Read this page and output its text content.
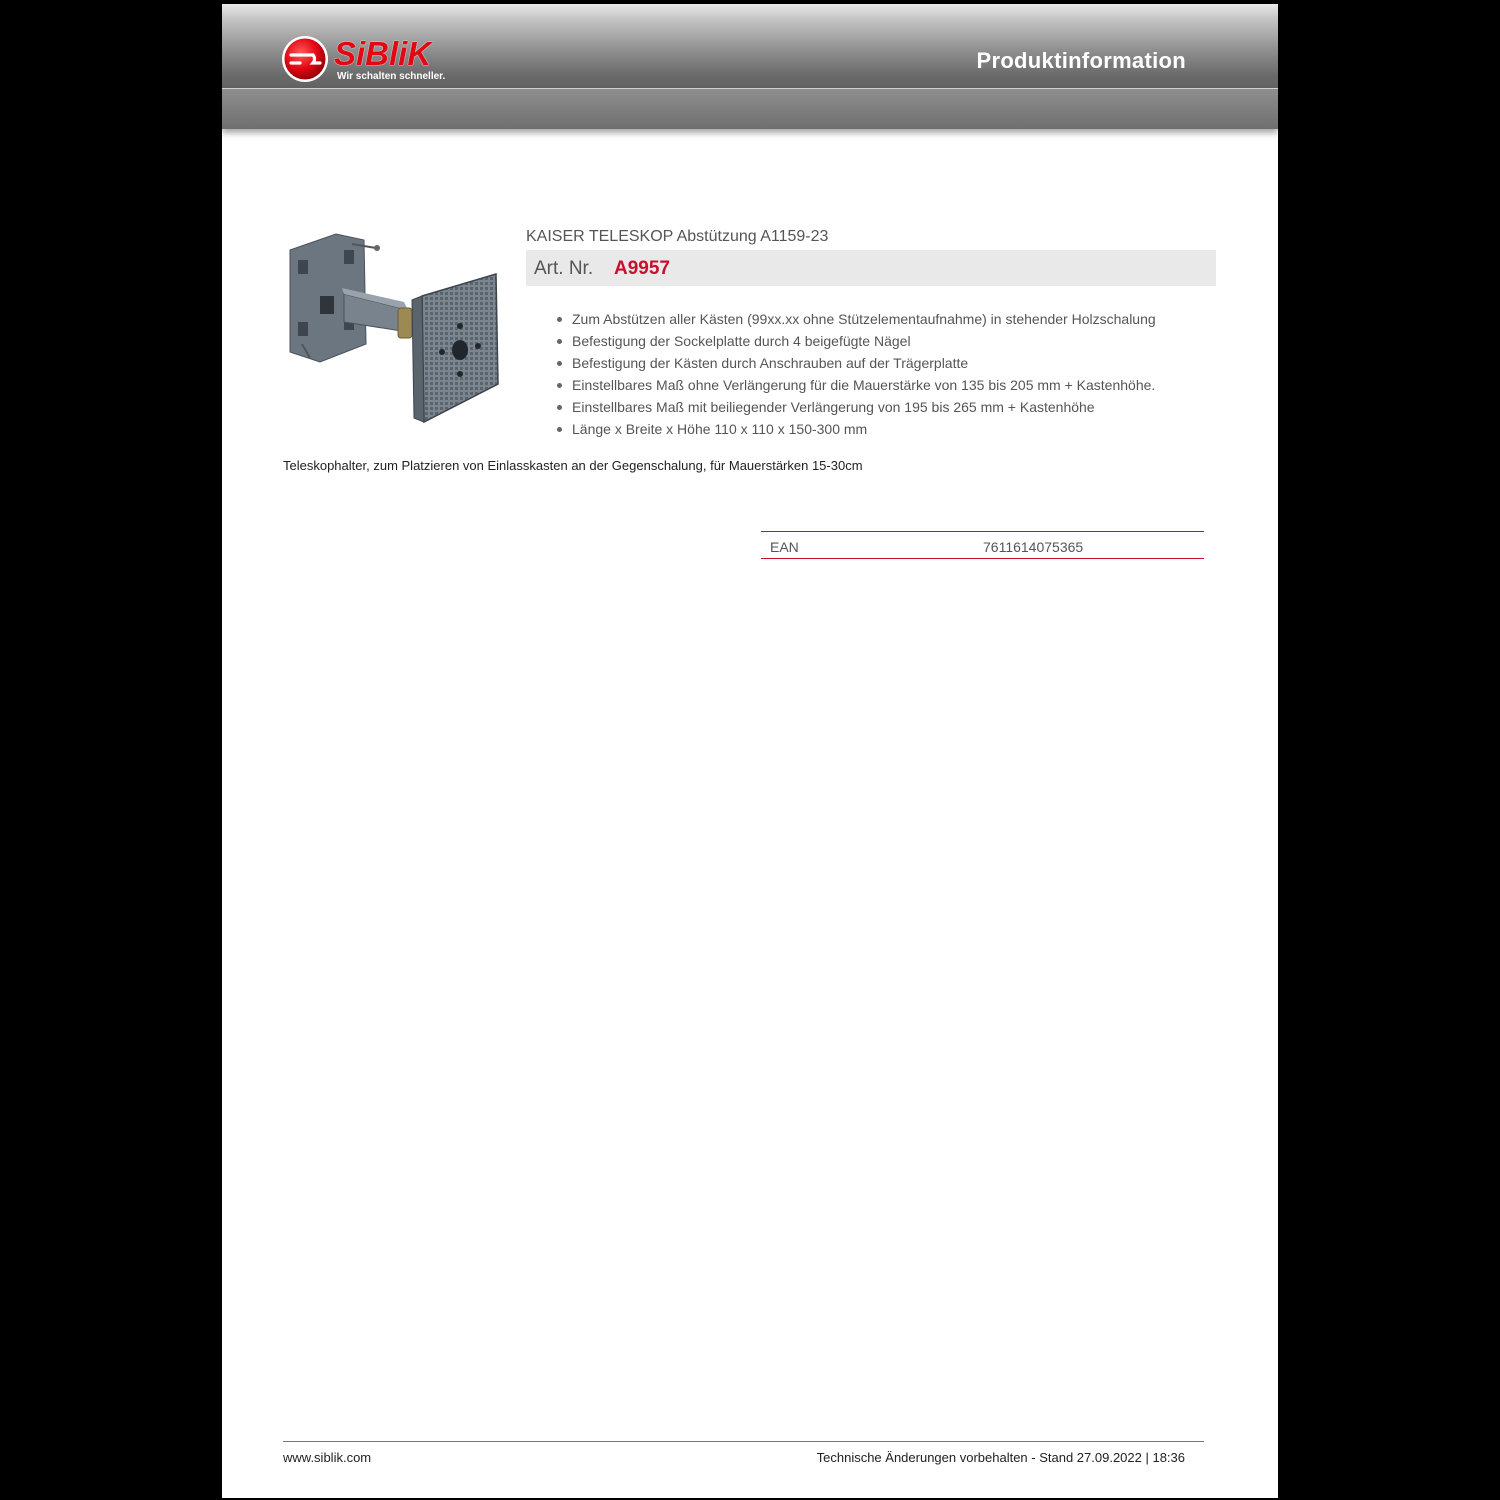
SiBliK
Wir schalten schneller.
Produktinformation
KAISER TELESKOP Abstützung A1159-23
Art. Nr. A9957
Zum Abstützen aller Kästen (99xx.xx ohne Stützelementaufnahme) in stehender Holzschalung
Befestigung der Sockelplatte durch 4 beigefügte Nägel
Befestigung der Kästen durch Anschrauben auf der Trägerplatte
Einstellbares Maß ohne Verlängerung für die Mauerstärke von 135 bis 205 mm + Kastenhöhe.
Einstellbares Maß mit beiliegender Verlängerung von 195 bis 265 mm + Kastenhöhe
Länge x Breite x Höhe 110 x 110 x 150-300 mm
Teleskophalter, zum Platzieren von Einlasskasten an der Gegenschalung, für Mauerstärken 15-30cm
EAN	7611614075365
www.siblik.com	Technische Änderungen vorbehalten - Stand 27.09.2022 | 18:36
